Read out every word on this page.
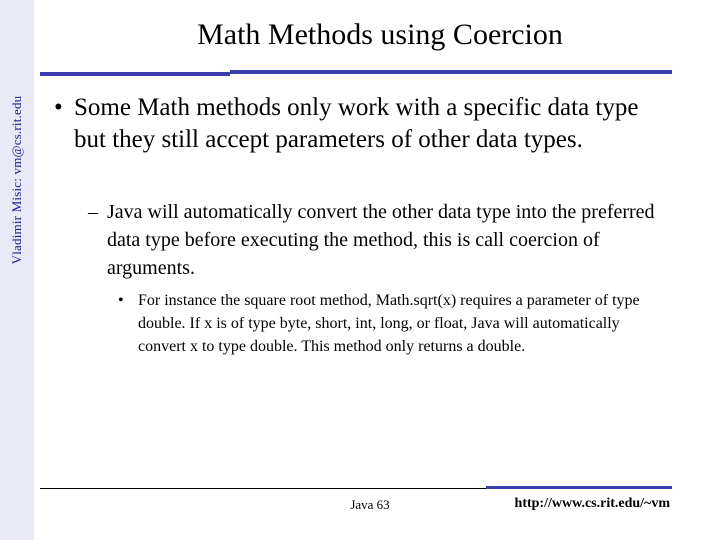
Vladimir Misic: vm@cs.rit.edu
Math Methods using Coercion
• Some Math methods only work with a specific data type but they still accept parameters of other data types.
– Java will automatically convert the other data type into the preferred data type before executing the method, this is call coercion of arguments.
• For instance the square root method, Math.sqrt(x) requires a parameter of type double. If x is of type byte, short, int, long, or float, Java will automatically convert x to type double. This method only returns a double.
Java 63	http://www.cs.rit.edu/~vm
